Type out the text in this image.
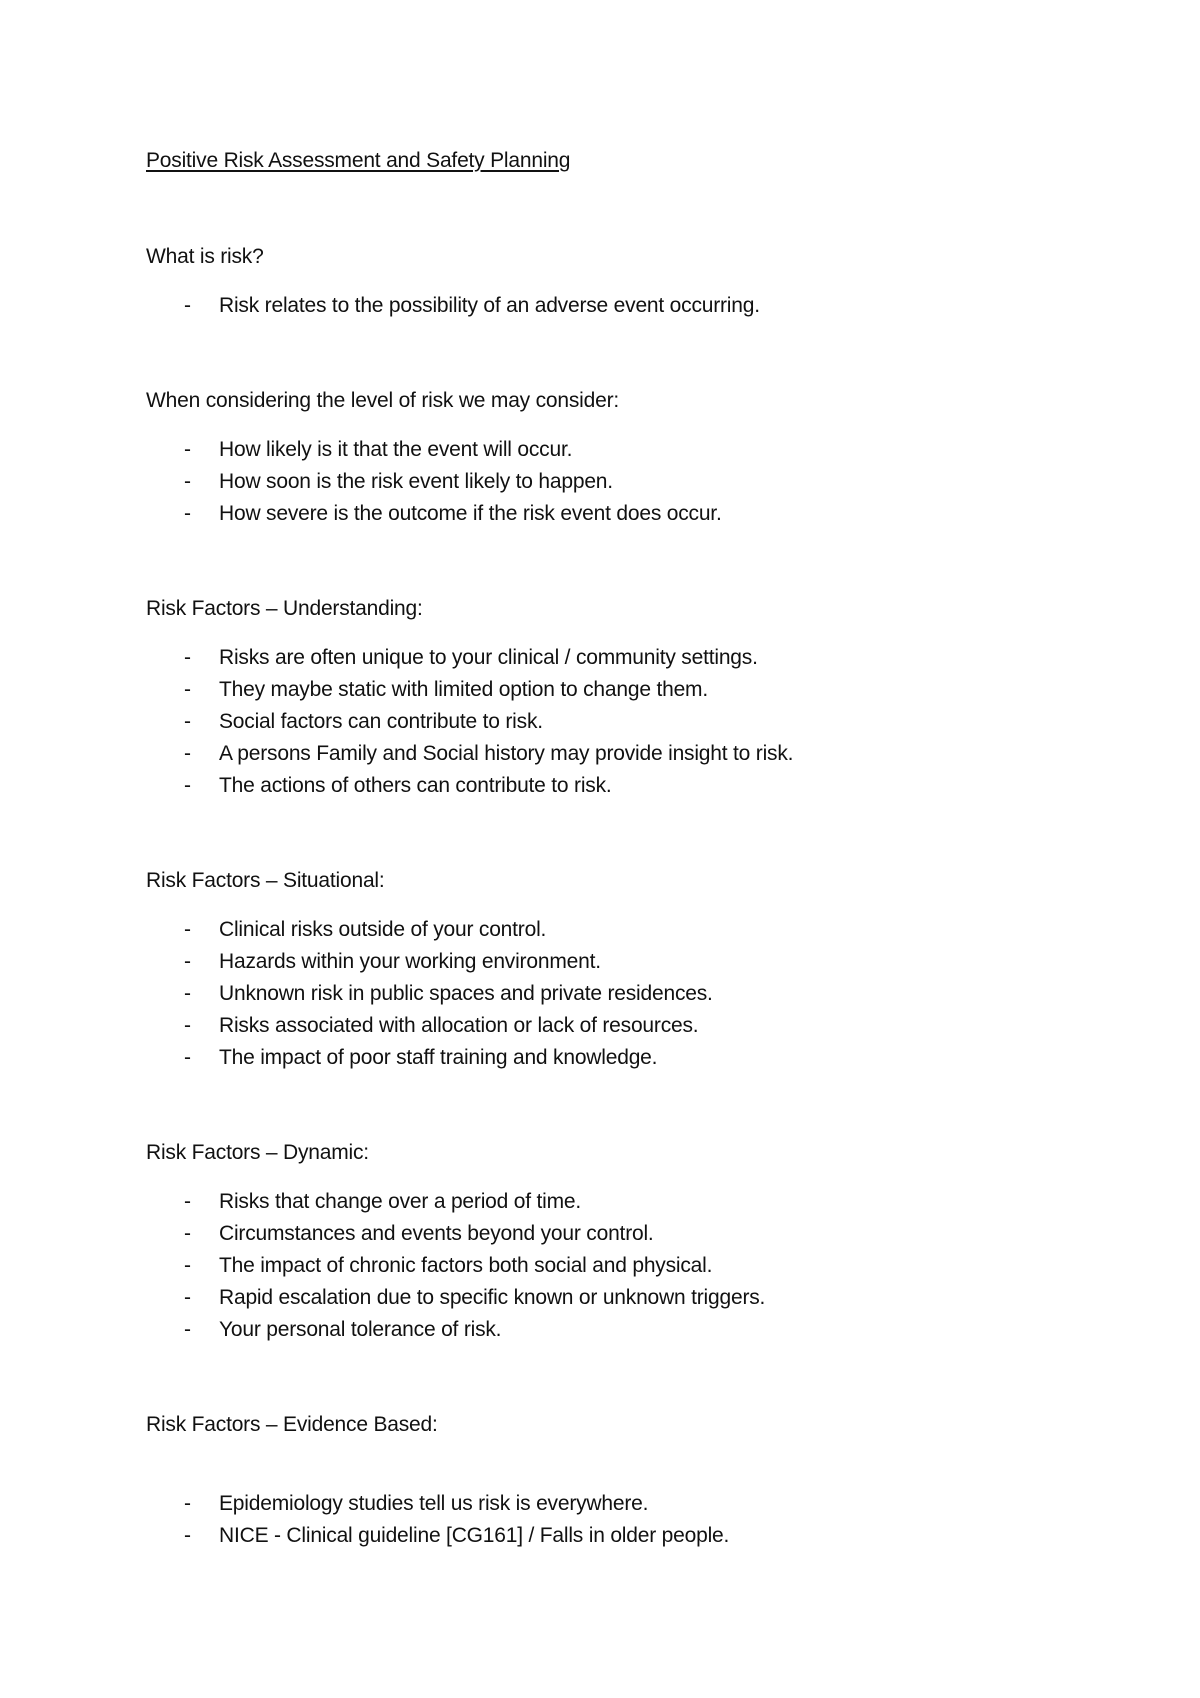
Positive Risk Assessment and Safety Planning
What is risk?
- Risk relates to the possibility of an adverse event occurring.
When considering the level of risk we may consider:
- How likely is it that the event will occur.
- How soon is the risk event likely to happen.
- How severe is the outcome if the risk event does occur.
Risk Factors – Understanding:
- Risks are often unique to your clinical / community settings.
- They maybe static with limited option to change them.
- Social factors can contribute to risk.
- A persons Family and Social history may provide insight to risk.
- The actions of others can contribute to risk.
Risk Factors – Situational:
- Clinical risks outside of your control.
- Hazards within your working environment.
- Unknown risk in public spaces and private residences.
- Risks associated with allocation or lack of resources.
- The impact of poor staff training and knowledge.
Risk Factors – Dynamic:
- Risks that change over a period of time.
- Circumstances and events beyond your control.
- The impact of chronic factors both social and physical.
- Rapid escalation due to specific known or unknown triggers.
- Your personal tolerance of risk.
Risk Factors – Evidence Based:
- Epidemiology studies tell us risk is everywhere.
- NICE - Clinical guideline [CG161] / Falls in older people.
